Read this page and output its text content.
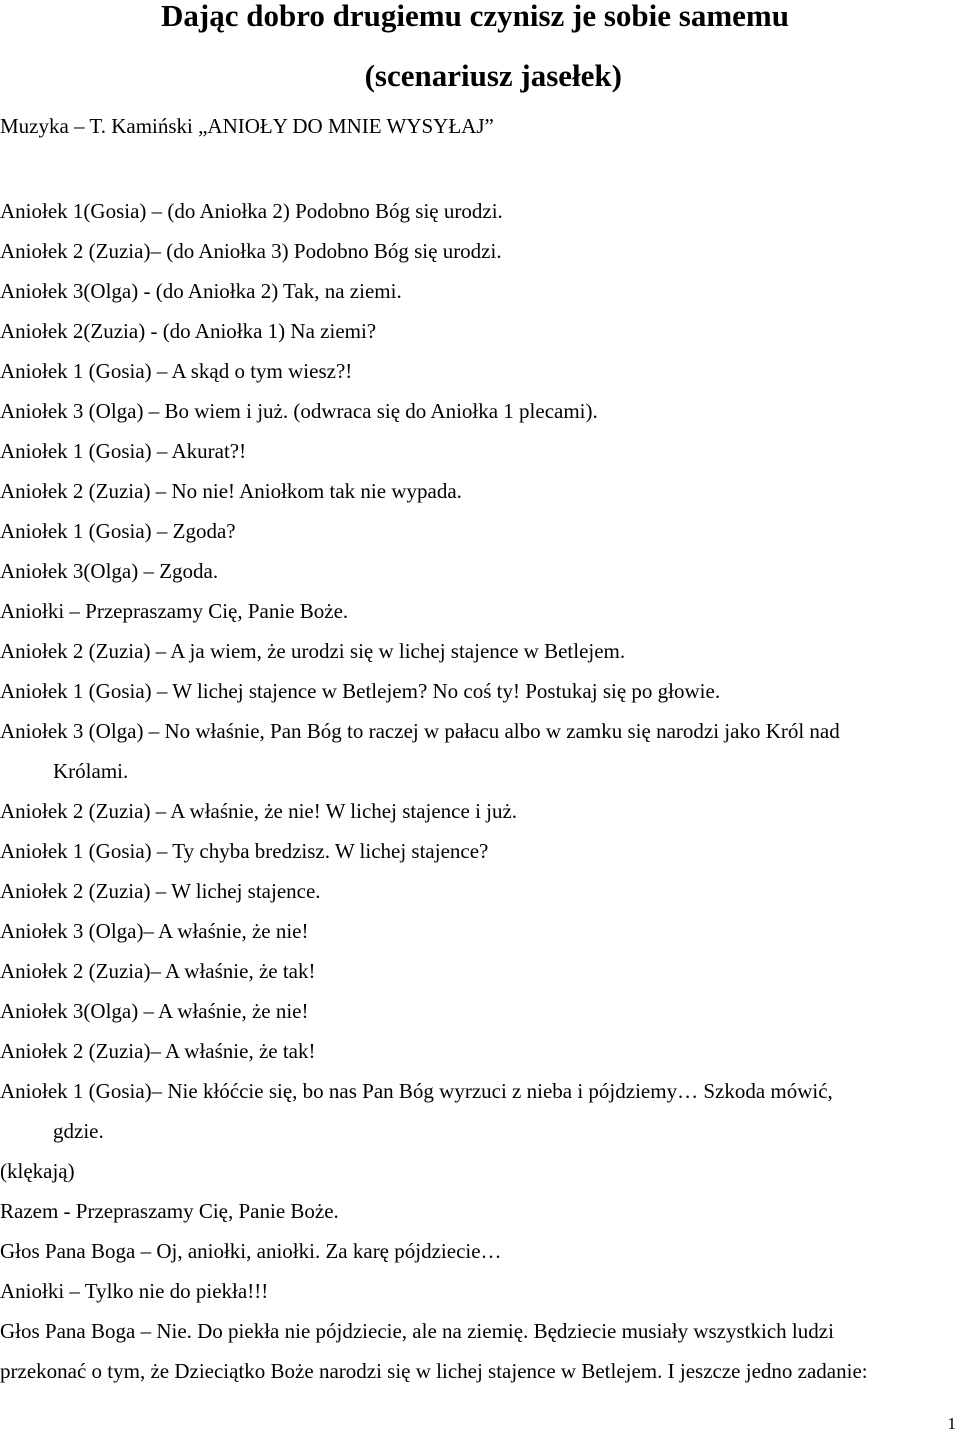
Dając dobro drugiemu czynisz je sobie samemu
(scenariusz jasełek)
Muzyka – T. Kamiński „ANIOŁY DO MNIE WYSYŁAJ”
Aniołek 1(Gosia) – (do Aniołka 2) Podobno Bóg się urodzi.
Aniołek 2 (Zuzia)– (do Aniołka 3) Podobno Bóg się urodzi.
Aniołek 3(Olga) - (do Aniołka 2) Tak, na ziemi.
Aniołek 2(Zuzia) - (do Aniołka 1) Na ziemi?
Aniołek 1 (Gosia) – A skąd o tym wiesz?!
Aniołek 3 (Olga) – Bo wiem i już. (odwraca się do Aniołka 1 plecami).
Aniołek 1 (Gosia) – Akurat?!
Aniołek 2 (Zuzia) – No nie! Aniołkom tak nie wypada.
Aniołek 1 (Gosia) – Zgoda?
Aniołek 3(Olga) – Zgoda.
Aniołki – Przepraszamy Cię, Panie Boże.
Aniołek 2 (Zuzia) – A ja wiem, że urodzi się w lichej stajence w Betlejem.
Aniołek 1 (Gosia) – W lichej stajence w Betlejem? No coś ty! Postukaj się po głowie.
Aniołek 3 (Olga) – No właśnie, Pan Bóg to raczej w pałacu albo w zamku się narodzi jako Król nad
Królami.
Aniołek 2 (Zuzia) – A właśnie, że nie! W lichej stajence i już.
Aniołek 1 (Gosia) – Ty chyba bredzisz. W lichej stajence?
Aniołek 2 (Zuzia) – W lichej stajence.
Aniołek 3 (Olga)– A właśnie, że nie!
Aniołek 2 (Zuzia)– A właśnie, że tak!
Aniołek 3(Olga) – A właśnie, że nie!
Aniołek 2 (Zuzia)– A właśnie, że tak!
Aniołek 1 (Gosia)– Nie kłóćcie się, bo nas Pan Bóg wyrzuci z nieba i pójdziemy… Szkoda mówić,
gdzie.
(klękają)
Razem - Przepraszamy Cię, Panie Boże.
Głos Pana Boga – Oj, aniołki, aniołki. Za karę pójdziecie…
Aniołki – Tylko nie do piekła!!!
Głos Pana Boga – Nie. Do piekła nie pójdziecie, ale na ziemię. Będziecie musiały wszystkich ludzi
przekonać o tym, że Dzieciątko Boże narodzi się w lichej stajence w Betlejem. I jeszcze jedno zadanie:
1
